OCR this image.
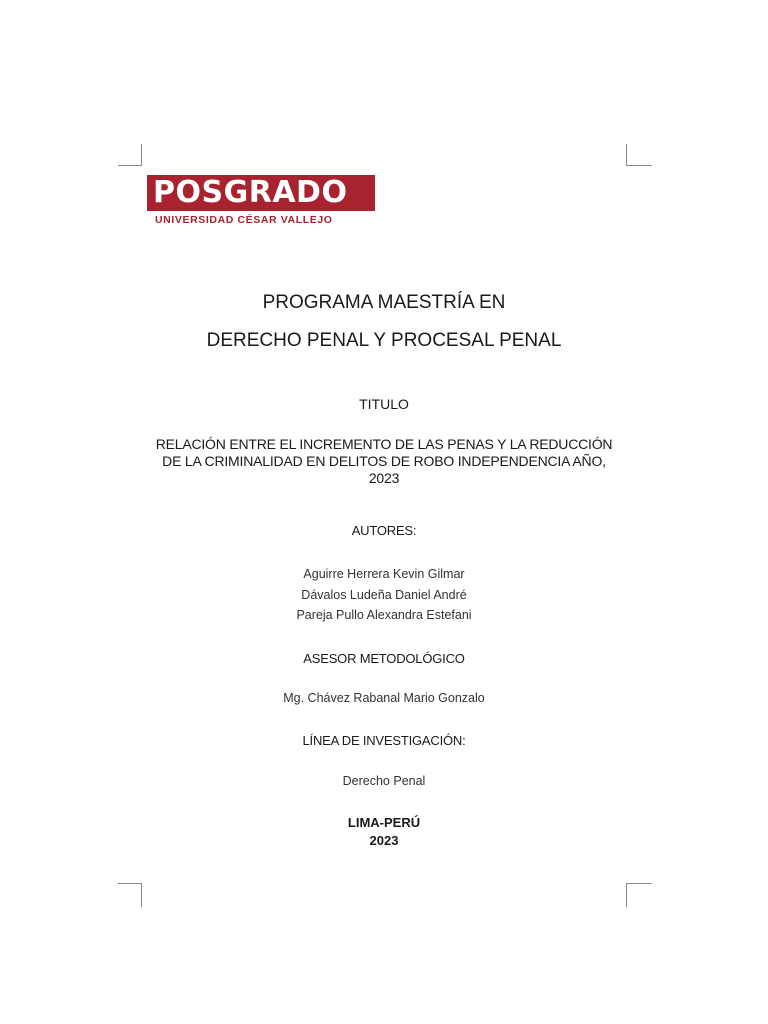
POSGRADO
UNIVERSIDAD CÉSAR VALLEJO
PROGRAMA MAESTRÍA EN
DERECHO PENAL Y PROCESAL PENAL
TITULO
RELACIÓN ENTRE EL INCREMENTO DE LAS PENAS Y LA REDUCCIÓN
DE LA CRIMINALIDAD EN DELITOS DE ROBO INDEPENDENCIA AÑO,
2023
AUTORES:
Aguirre Herrera Kevin Gilmar
Dávalos Ludeña Daniel André
Pareja Pullo Alexandra Estefani
ASESOR METODOLÓGICO
Mg. Chávez Rabanal Mario Gonzalo
LÍNEA DE INVESTIGACIÓN:
Derecho Penal
LIMA-PERÚ
2023
